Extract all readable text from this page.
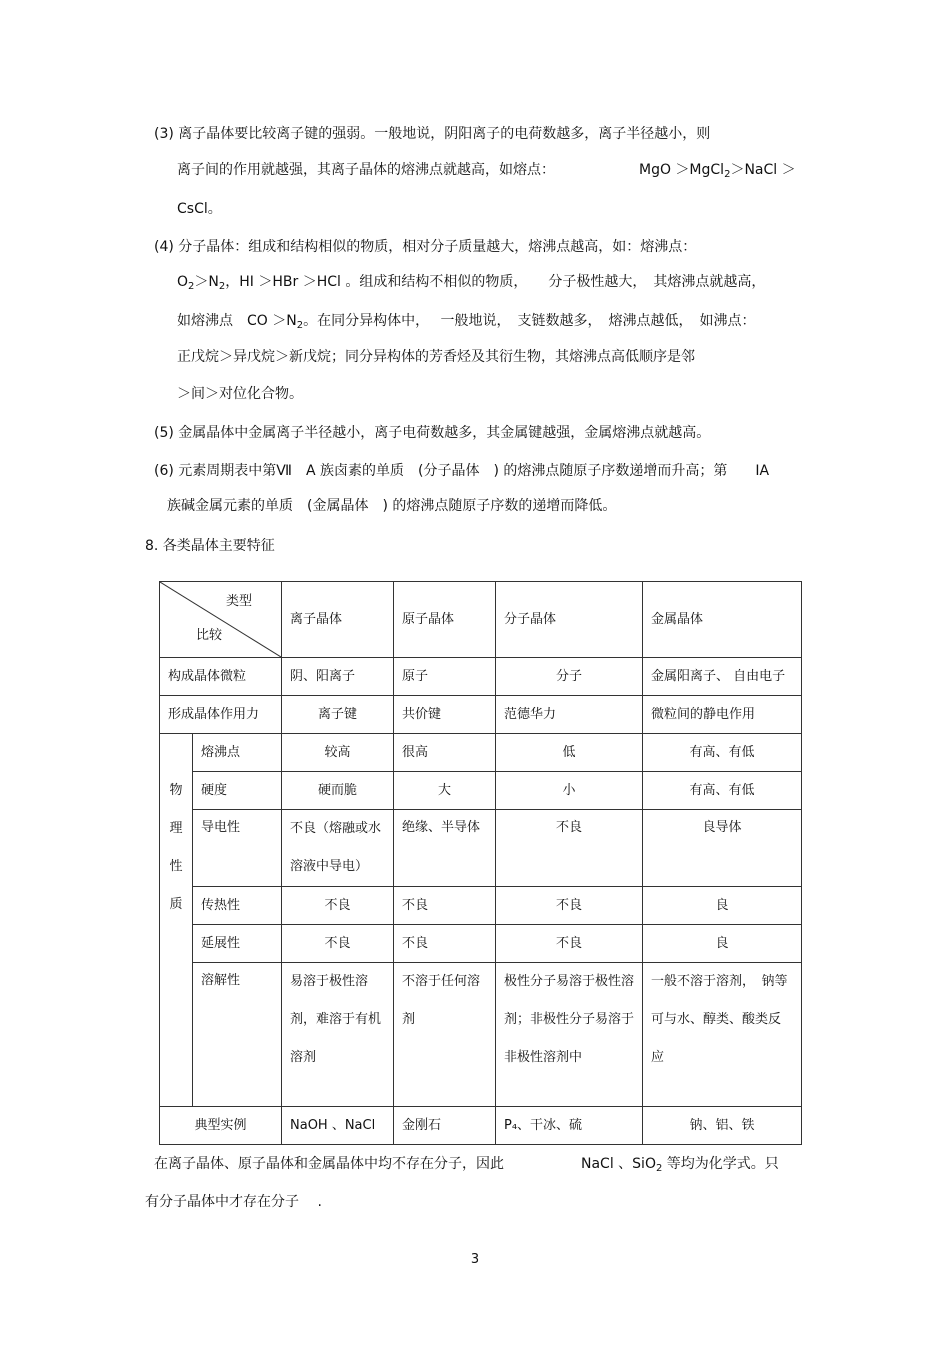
(3) 离子晶体要比较离子键的强弱。一般地说，阴阳离子的电荷数越多，离子半径越小，则
离子间的作用就越强，其离子晶体的熔沸点就越高，如熔点：	MgO ＞MgCl$_2$＞NaCl ＞
CsCl。
(4) 分子晶体：组成和结构相似的物质，相对分子质量越大，熔沸点越高，如：熔沸点：
$O_2>N_2$，HI ＞HBr ＞HCl 。组成和结构不相似的物质，　　分子极性越大，　其熔沸点就越高，
如熔沸点　CO $>N_2$。在同分异构体中，　 一般地说，　支链数越多，　熔沸点越低，　如沸点：
正戊烷＞异戊烷＞新戊烷；同分异构体的芳香烃及其衍生物，其熔沸点高低顺序是邻
＞间＞对位化合物。
(5) 金属晶体中金属离子半径越小，离子电荷数越多，其金属键越强，金属熔沸点就越高。
(6) 元素周期表中第Ⅶ　A 族卤素的单质　(分子晶体　) 的熔沸点随原子序数递增而升高；第　　IA
族碱金属元素的单质　(金属晶体　) 的熔沸点随原子序数的递增而降低。
8. 各类晶体主要特征
类型
比较		离子晶体	原子晶体	分子晶体	金属晶体
构成晶体微粒		阴、阳离子	原子	分子	金属阳离子、 自由电子
形成晶体作用力		离子键	共价键	范德华力	微粒间的静电作用

物
理
性
质	熔沸点	较高	很高	低	有高、有低
	硬度	硬而脆	大	小	有高、有低
	导电性	不良（熔融或水溶液中导电）	绝缘、半导体	不良	良导体
	传热性	不良	不良	不良	良
	延展性	不良	不良	不良	良
	溶解性	易溶于极性溶剂，难溶于有机溶剂	不溶于任何溶剂	极性分子易溶于极性溶剂；非极性分子易溶于非极性溶剂中	一般不溶于溶剂，　钠等可与水、醇类、酸类反应
典型实例		NaOH 、NaCl	金刚石	P₄、干冰、硫	钠、铝、铁
在离子晶体、原子晶体和金属晶体中均不存在分子，因此	NaCl 、SiO$_2$ 等均为化学式。只
有分子晶体中才存在分子　 .
3
